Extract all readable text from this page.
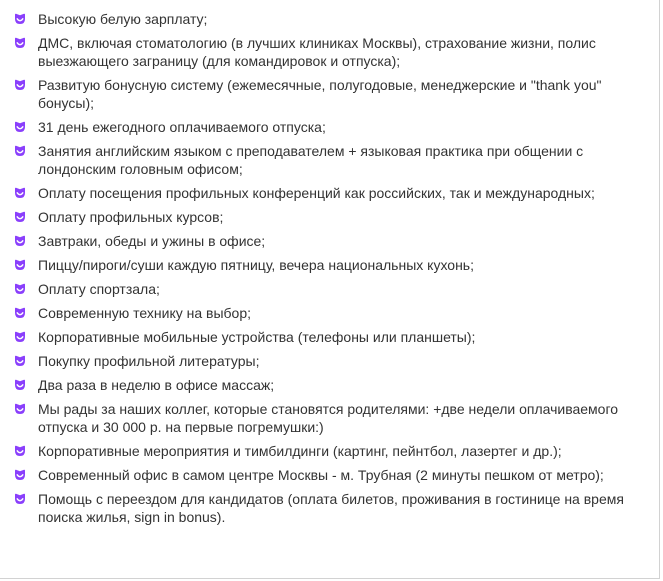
Высокую белую зарплату;
ДМС, включая стоматологию (в лучших клиниках Москвы), страхование жизни, полис выезжающего заграницу (для командировок и отпуска);
Развитую бонусную систему (ежемесячные, полугодовые, менеджерские и "thank you" бонусы);
31 день ежегодного оплачиваемого отпуска;
Занятия английским языком с преподавателем + языковая практика при общении с лондонским головным офисом;
Оплату посещения профильных конференций как российских, так и международных;
Оплату профильных курсов;
Завтраки, обеды и ужины в офисе;
Пиццу/пироги/суши каждую пятницу, вечера национальных кухонь;
Оплату спортзала;
Современную технику на выбор;
Корпоративные мобильные устройства (телефоны или планшеты);
Покупку профильной литературы;
Два раза в неделю в офисе массаж;
Мы рады за наших коллег, которые становятся родителями: +две недели оплачиваемого отпуска и 30 000 р. на первые погремушки:)
Корпоративные мероприятия и тимбилдинги (картинг, пейнтбол, лазертег и др.);
Современный офис в самом центре Москвы - м. Трубная (2 минуты пешком от метро);
Помощь с переездом для кандидатов (оплата билетов, проживания в гостинице на время поиска жилья, sign in bonus).
